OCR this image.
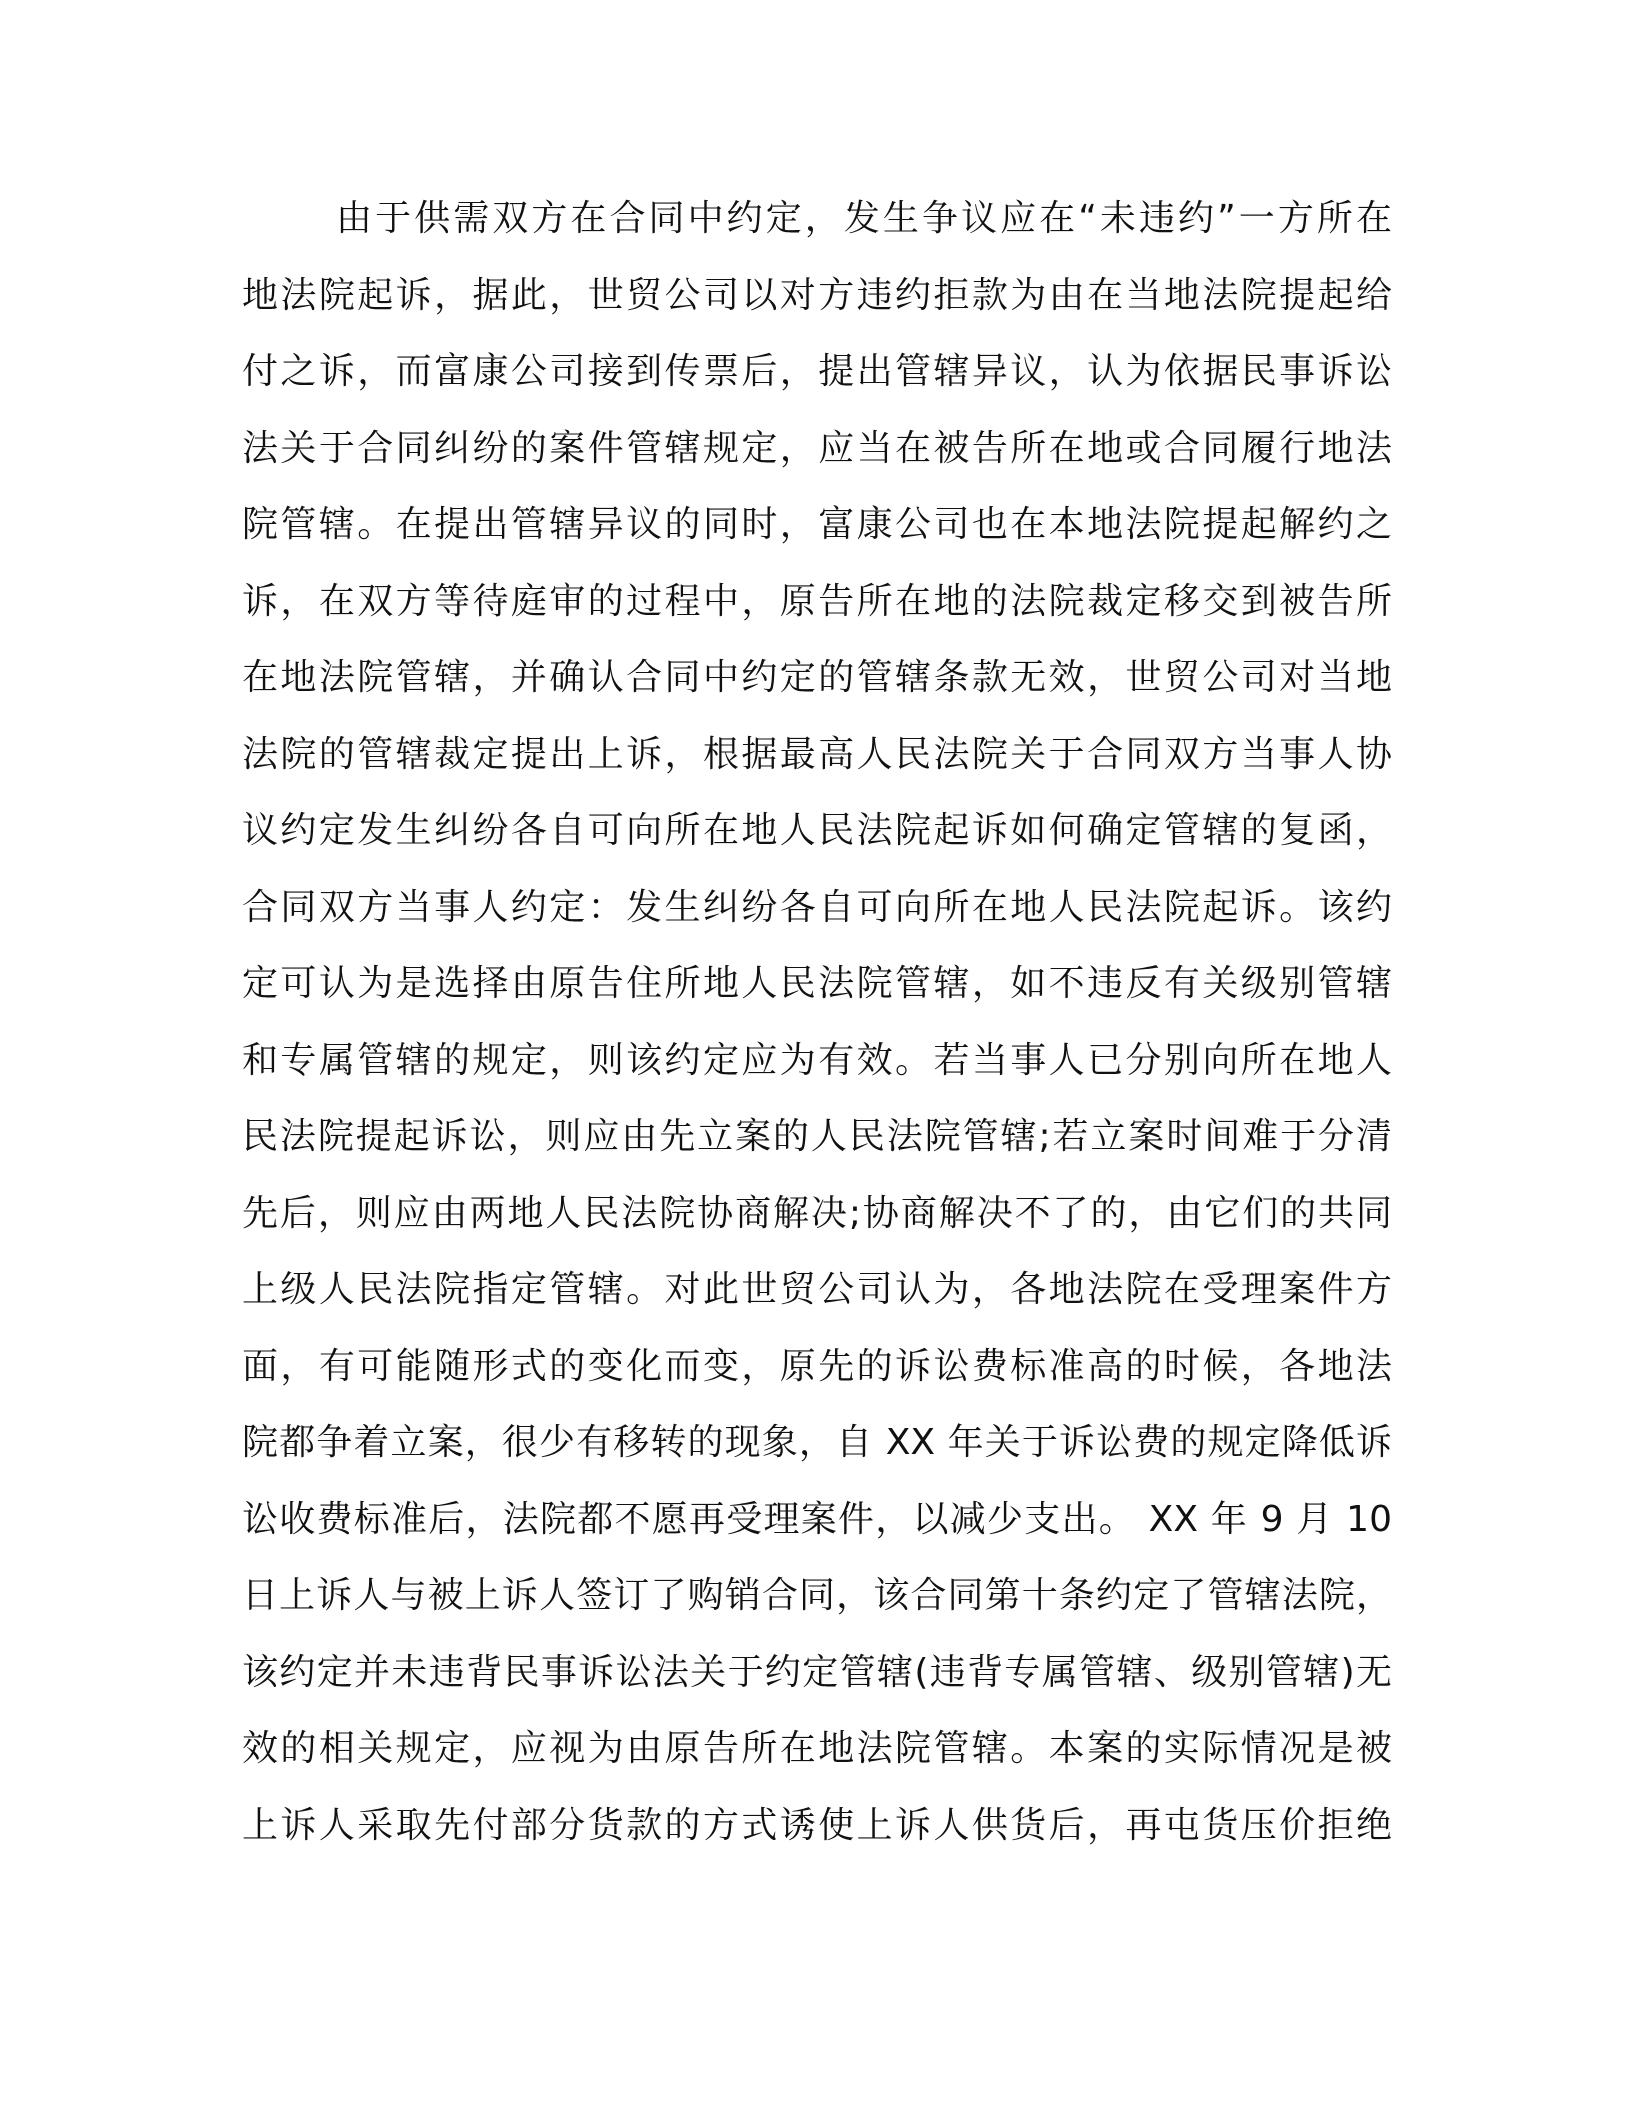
由于供需双方在合同中约定，发生争议应在“未违约”一方所在
地法院起诉，据此，世贸公司以对方违约拒款为由在当地法院提起给
付之诉，而富康公司接到传票后，提出管辖异议，认为依据民事诉讼
法关于合同纠纷的案件管辖规定，应当在被告所在地或合同履行地法
院管辖。在提出管辖异议的同时，富康公司也在本地法院提起解约之
诉，在双方等待庭审的过程中，原告所在地的法院裁定移交到被告所
在地法院管辖，并确认合同中约定的管辖条款无效，世贸公司对当地
法院的管辖裁定提出上诉，根据最高人民法院关于合同双方当事人协
议约定发生纠纷各自可向所在地人民法院起诉如何确定管辖的复函，
合同双方当事人约定：发生纠纷各自可向所在地人民法院起诉。该约
定可认为是选择由原告住所地人民法院管辖，如不违反有关级别管辖
和专属管辖的规定，则该约定应为有效。若当事人已分别向所在地人
民法院提起诉讼，则应由先立案的人民法院管辖;若立案时间难于分清
先后，则应由两地人民法院协商解决;协商解决不了的，由它们的共同
上级人民法院指定管辖。对此世贸公司认为，各地法院在受理案件方
面，有可能随形式的变化而变，原先的诉讼费标准高的时候，各地法
院都争着立案，很少有移转的现象，自 XX 年关于诉讼费的规定降低诉
讼收费标准后，法院都不愿再受理案件，以减少支出。 XX 年 9 月 10
日上诉人与被上诉人签订了购销合同，该合同第十条约定了管辖法院，
该约定并未违背民事诉讼法关于约定管辖(违背专属管辖、级别管辖)无
效的相关规定，应视为由原告所在地法院管辖。本案的实际情况是被
上诉人采取先付部分货款的方式诱使上诉人供货后，再屯货压价拒绝
